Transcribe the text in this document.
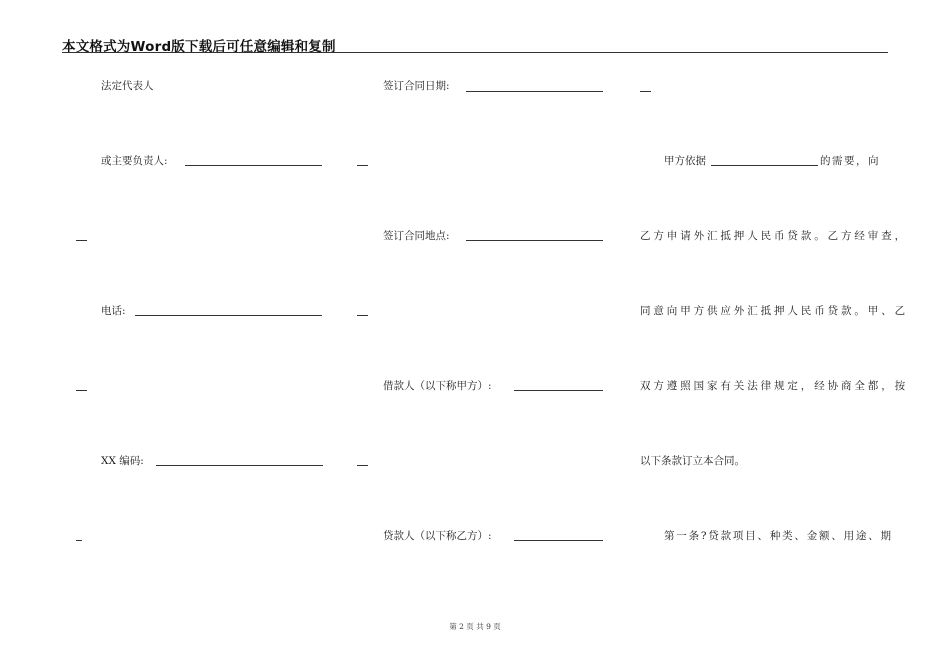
本文格式为Word版下载后可任意编辑和复制
法定代表人
或主要负责人:
电话:
XX 编码:
签订合同日期:
签订合同地点:
借款人（以下称甲方）:
贷款人（以下称乙方）:
甲方依据	的需要，向
乙方申请外汇抵押人民币贷款。乙方经审查，
同意向甲方供应外汇抵押人民币贷款。甲、乙
双方遵照国家有关法律规定，经协商全都，按
以下条款订立本合同。
第一条?贷款项目、种类、金额、用途、期
第 2 页 共 9 页
